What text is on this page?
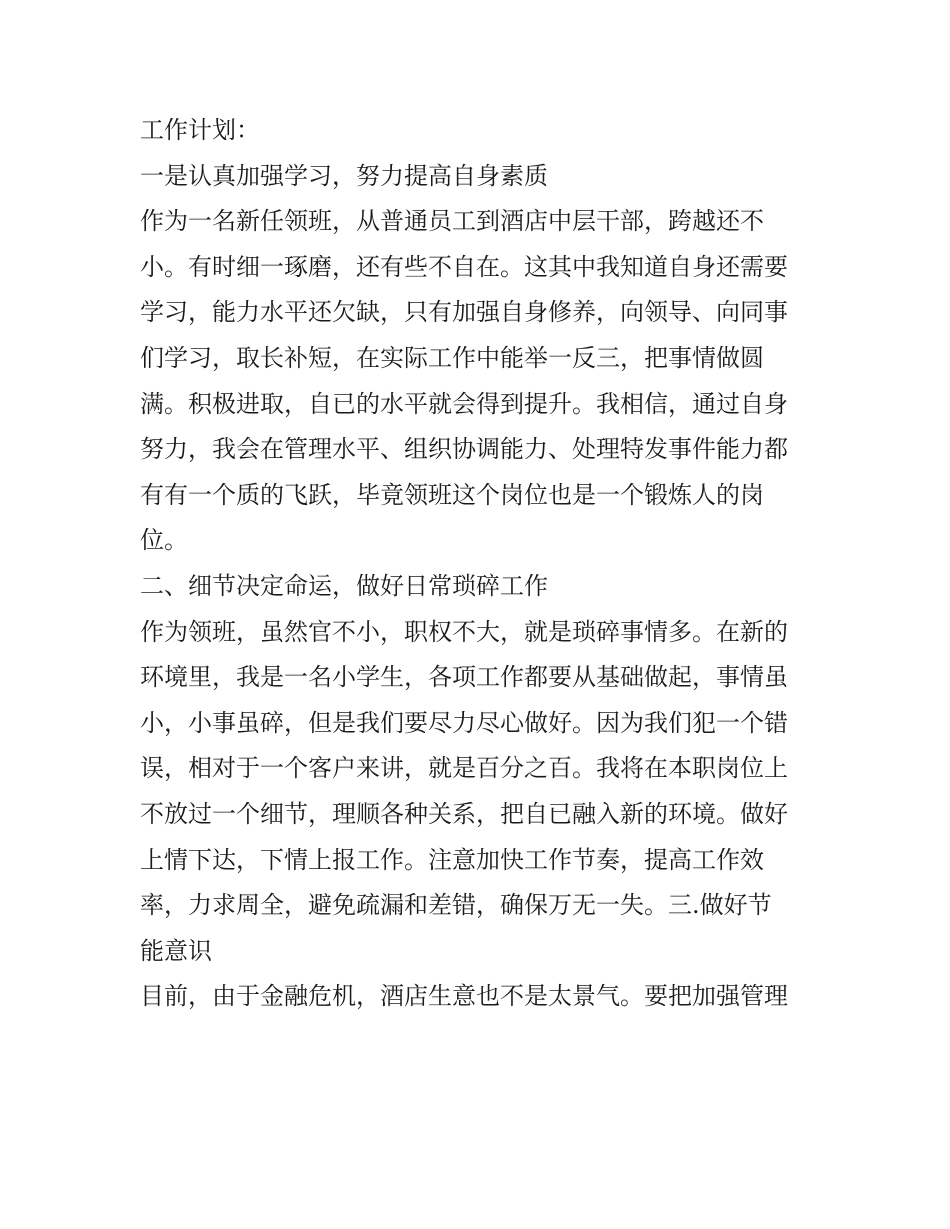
工作计划：
一是认真加强学习，努力提高自身素质
作为一名新任领班，从普通员工到酒店中层干部，跨越还不
小。有时细一琢磨，还有些不自在。这其中我知道自身还需要
学习，能力水平还欠缺，只有加强自身修养，向领导、向同事
们学习，取长补短，在实际工作中能举一反三，把事情做圆
满。积极进取，自已的水平就会得到提升。我相信，通过自身
努力，我会在管理水平、组织协调能力、处理特发事件能力都
有有一个质的飞跃，毕竟领班这个岗位也是一个锻炼人的岗
位。
二、细节决定命运，做好日常琐碎工作
作为领班，虽然官不小，职权不大，就是琐碎事情多。在新的
环境里，我是一名小学生，各项工作都要从基础做起，事情虽
小，小事虽碎，但是我们要尽力尽心做好。因为我们犯一个错
误，相对于一个客户来讲，就是百分之百。我将在本职岗位上
不放过一个细节，理顺各种关系，把自已融入新的环境。做好
上情下达，下情上报工作。注意加快工作节奏，提高工作效
率，力求周全，避免疏漏和差错，确保万无一失。三.做好节
能意识
目前，由于金融危机，酒店生意也不是太景气。要把加强管理
